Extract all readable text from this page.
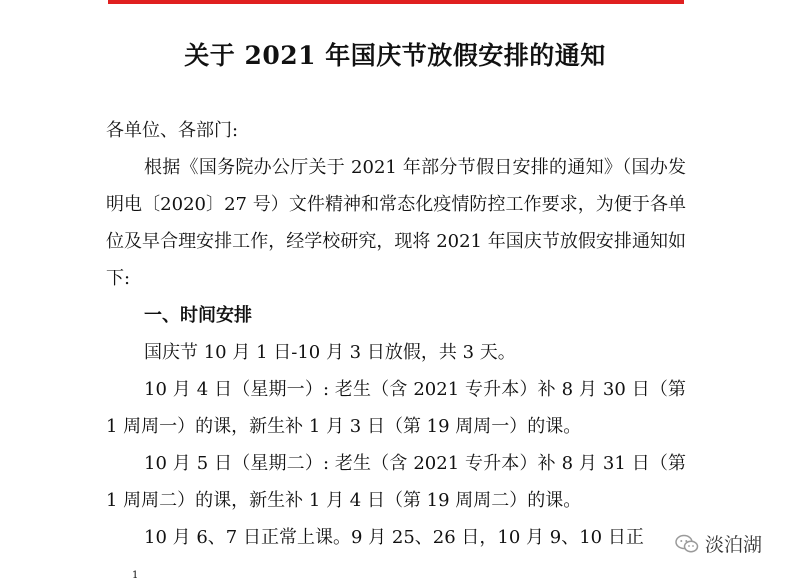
关于 2021 年国庆节放假安排的通知

各单位、各部门:

根据《国务院办公厅关于 2021 年部分节假日安排的通知》（国办发明电〔2020〕27 号）文件精神和常态化疫情防控工作要求，为便于各单位及早合理安排工作，经学校研究，现将 2021 年国庆节放假安排通知如下:

一、时间安排

国庆节 10 月 1 日-10 月 3 日放假，共 3 天。

10 月 4 日（星期一）: 老生（含 2021 专升本）补 8 月 30 日（第 1 周周一）的课，新生补 1 月 3 日（第 19 周周一）的课。

10 月 5 日（星期二）: 老生（含 2021 专升本）补 8 月 31 日（第 1 周周二）的课，新生补 1 月 4 日（第 19 周周二）的课。

10 月 6、7 日正常上课。9 月 25、26 日，10 月 9、10 日正

1
淡泊湖
